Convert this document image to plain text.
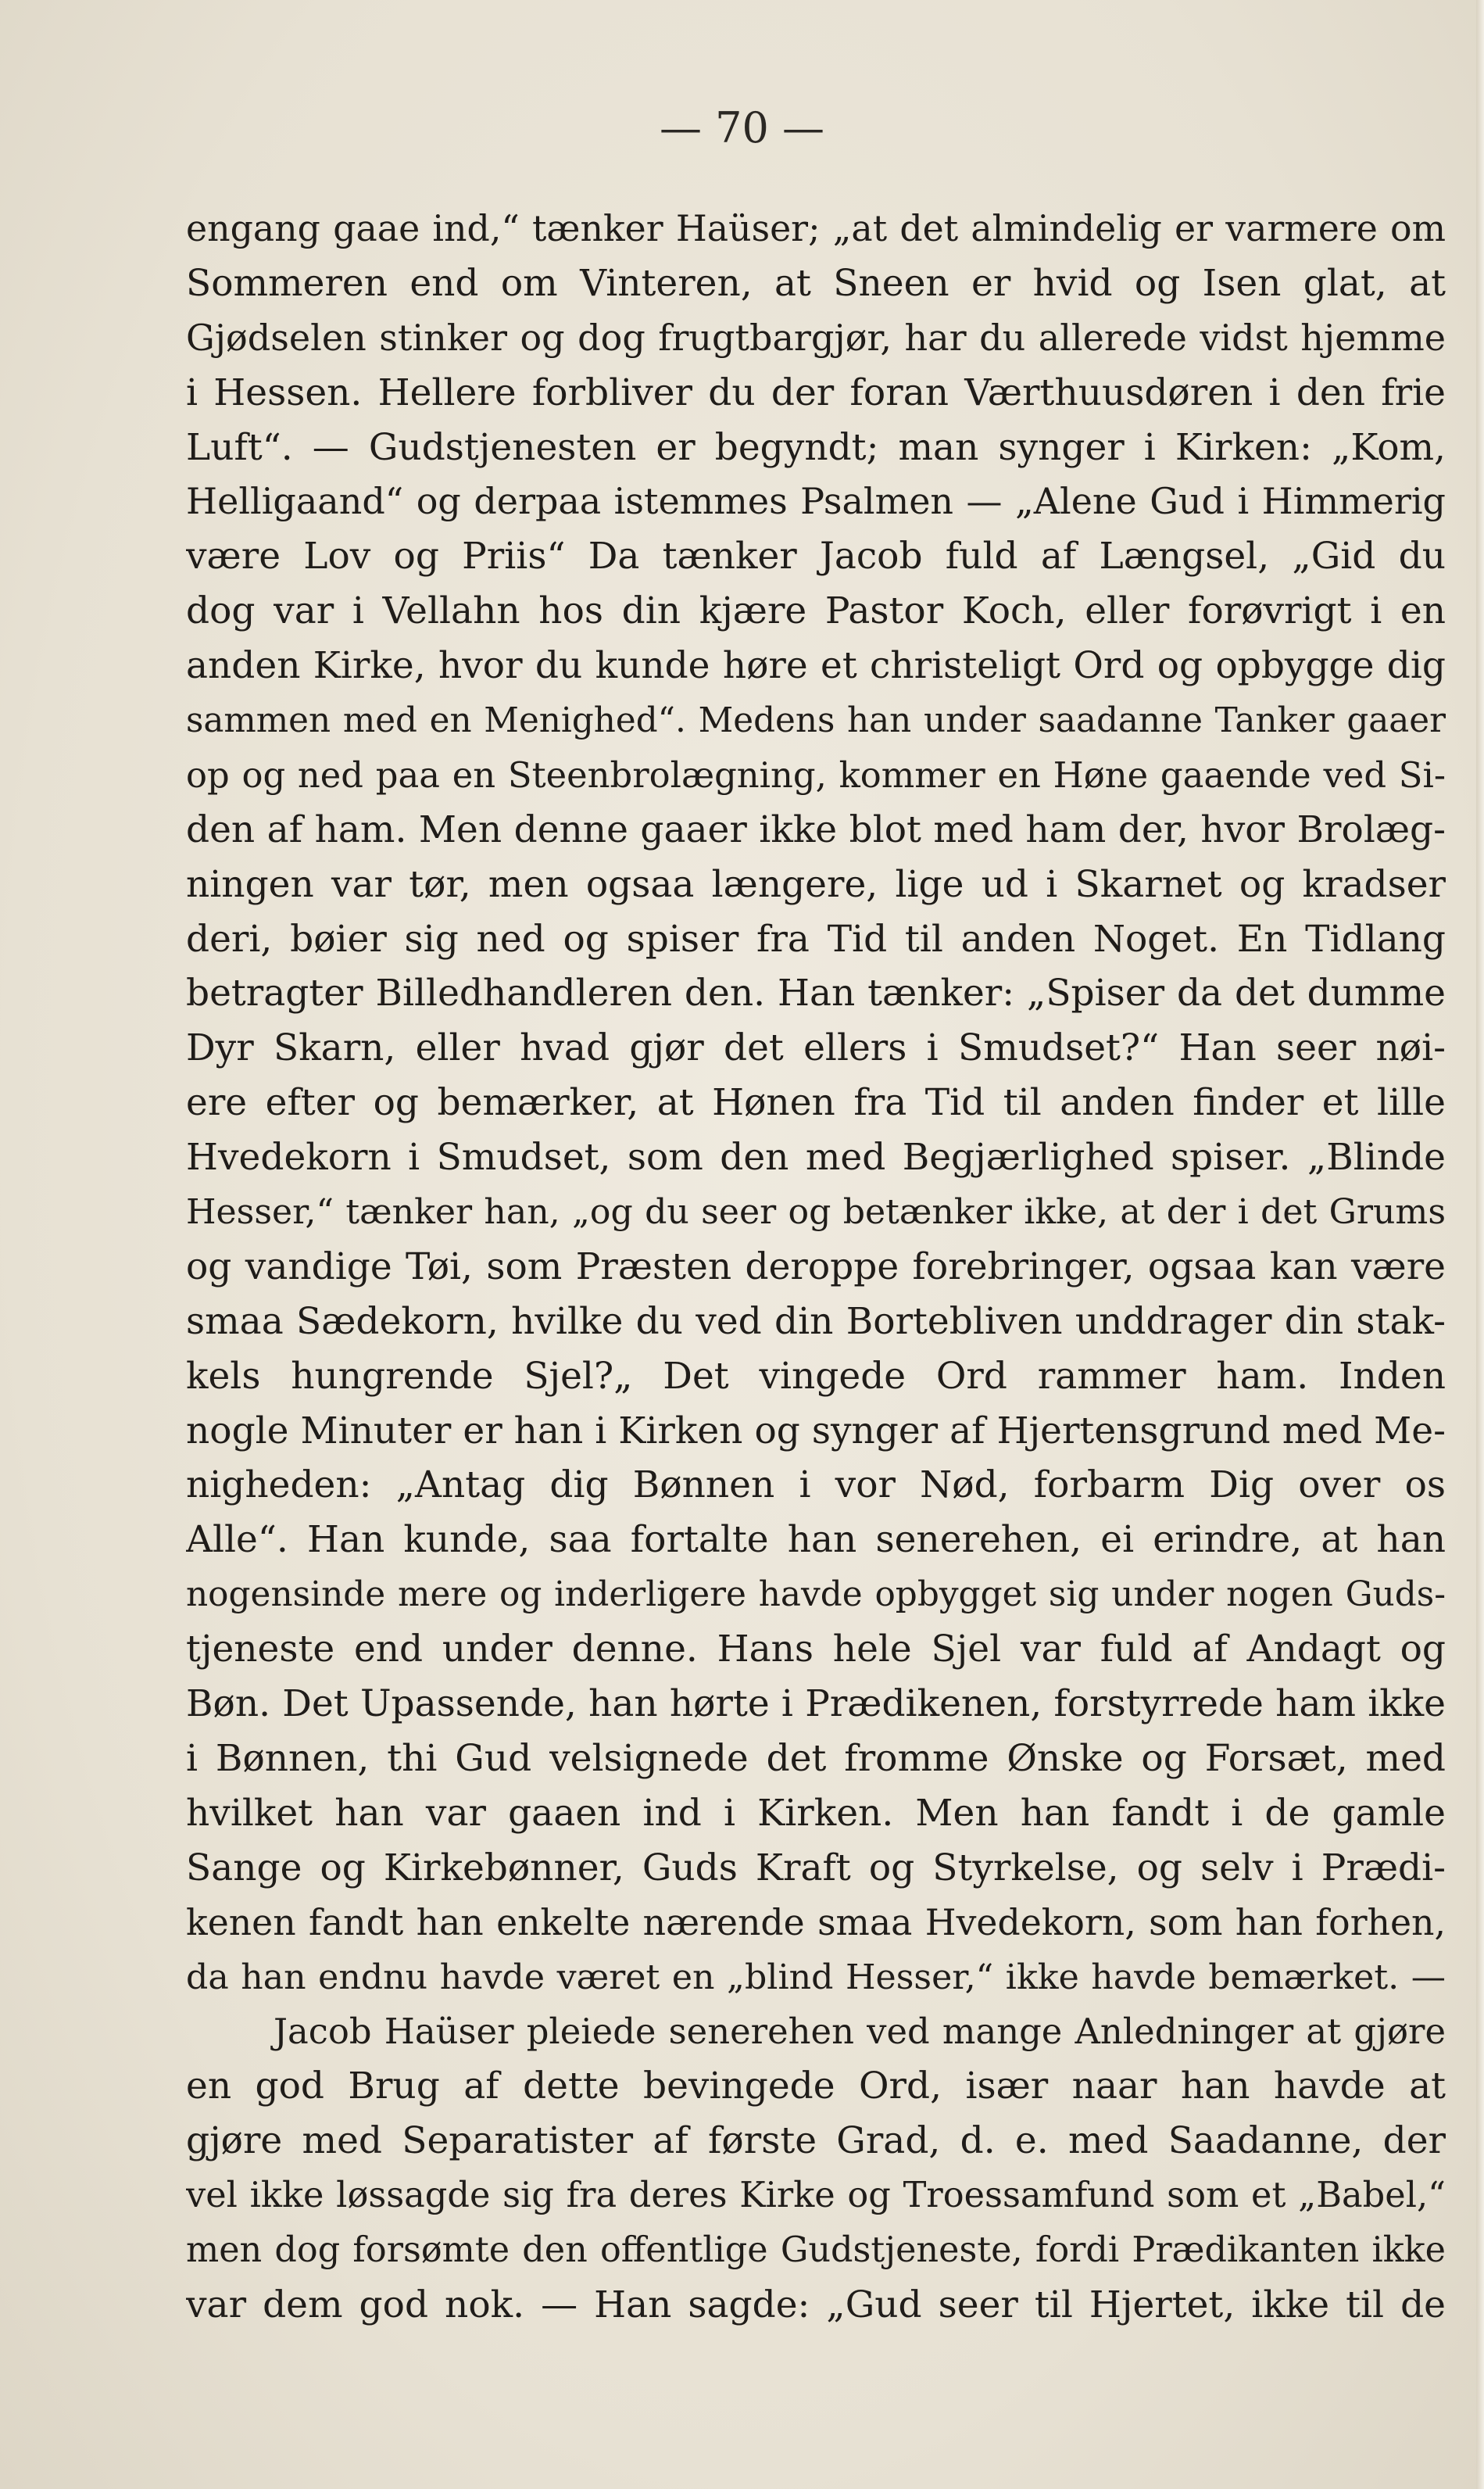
— 70 —
engang gaae ind,“ tænker Haüser; „at det almindelig er varmere om
Sommeren end om Vinteren, at Sneen er hvid og Isen glat, at
Gjødselen stinker og dog frugtbargjør, har du allerede vidst hjemme
i Hessen. Hellere forbliver du der foran Værthuusdøren i den frie
Luft“. — Gudstjenesten er begyndt; man synger i Kirken: „Kom,
Helligaand“ og derpaa istemmes Psalmen — „Alene Gud i Himmerig
være Lov og Priis“ Da tænker Jacob fuld af Længsel, „Gid du
dog var i Vellahn hos din kjære Pastor Koch, eller forøvrigt i en
anden Kirke, hvor du kunde høre et christeligt Ord og opbygge dig
sammen med en Menighed“. Medens han under saadanne Tanker gaaer
op og ned paa en Steenbrolægning, kommer en Høne gaaende ved Si-
den af ham. Men denne gaaer ikke blot med ham der, hvor Brolæg-
ningen var tør, men ogsaa længere, lige ud i Skarnet og kradser
deri, bøier sig ned og spiser fra Tid til anden Noget. En Tidlang
betragter Billedhandleren den. Han tænker: „Spiser da det dumme
Dyr Skarn, eller hvad gjør det ellers i Smudset?“ Han seer nøi-
ere efter og bemærker, at Hønen fra Tid til anden finder et lille
Hvedekorn i Smudset, som den med Begjærlighed spiser. „Blinde
Hesser,“ tænker han, „og du seer og betænker ikke, at der i det Grums
og vandige Tøi, som Præsten deroppe forebringer, ogsaa kan være
smaa Sædekorn, hvilke du ved din Borteblivеn unddrager din stak-
kels hungrende Sjel?„ Det vingede Ord rammer ham. Inden
nogle Minuter er han i Kirken og synger af Hjertensgrund med Me-
nigheden: „Antag dig Bønnen i vor Nød, forbarm Dig over os
Alle“. Han kunde, saa fortalte han senerehen, ei erindre, at han
nogensinde mere og inderligere havde opbygget sig under nogen Guds-
tjeneste end under denne. Hans hele Sjel var fuld af Andagt og
Bøn. Det Upassende, han hørte i Prædikenen, forstyrrede ham ikke
i Bønnen, thi Gud velsignede det fromme Ønske og Forsæt, med
hvilket han var gaaen ind i Kirken. Men han fandt i de gamle
Sange og Kirkebønner, Guds Kraft og Styrkelse, og selv i Prædi-
kenen fandt han enkelte nærende smaa Hvedekorn, som han forhen,
da han endnu havde været en „blind Hesser,“ ikke havde bemærket. —
Jacob Haüser pleiede senerehen ved mange Anledninger at gjøre
en god Brug af dette bevingede Ord, især naar han havde at
gjøre med Separatister af første Grad, d. e. med Saadanne, der
vel ikke løssagde sig fra deres Kirke og Troessamfund som et „Babel,“
men dog forsømte den offentlige Gudstjeneste, fordi Prædikanten ikke
var dem god nok. — Han sagde: „Gud seer til Hjertet, ikke til de
